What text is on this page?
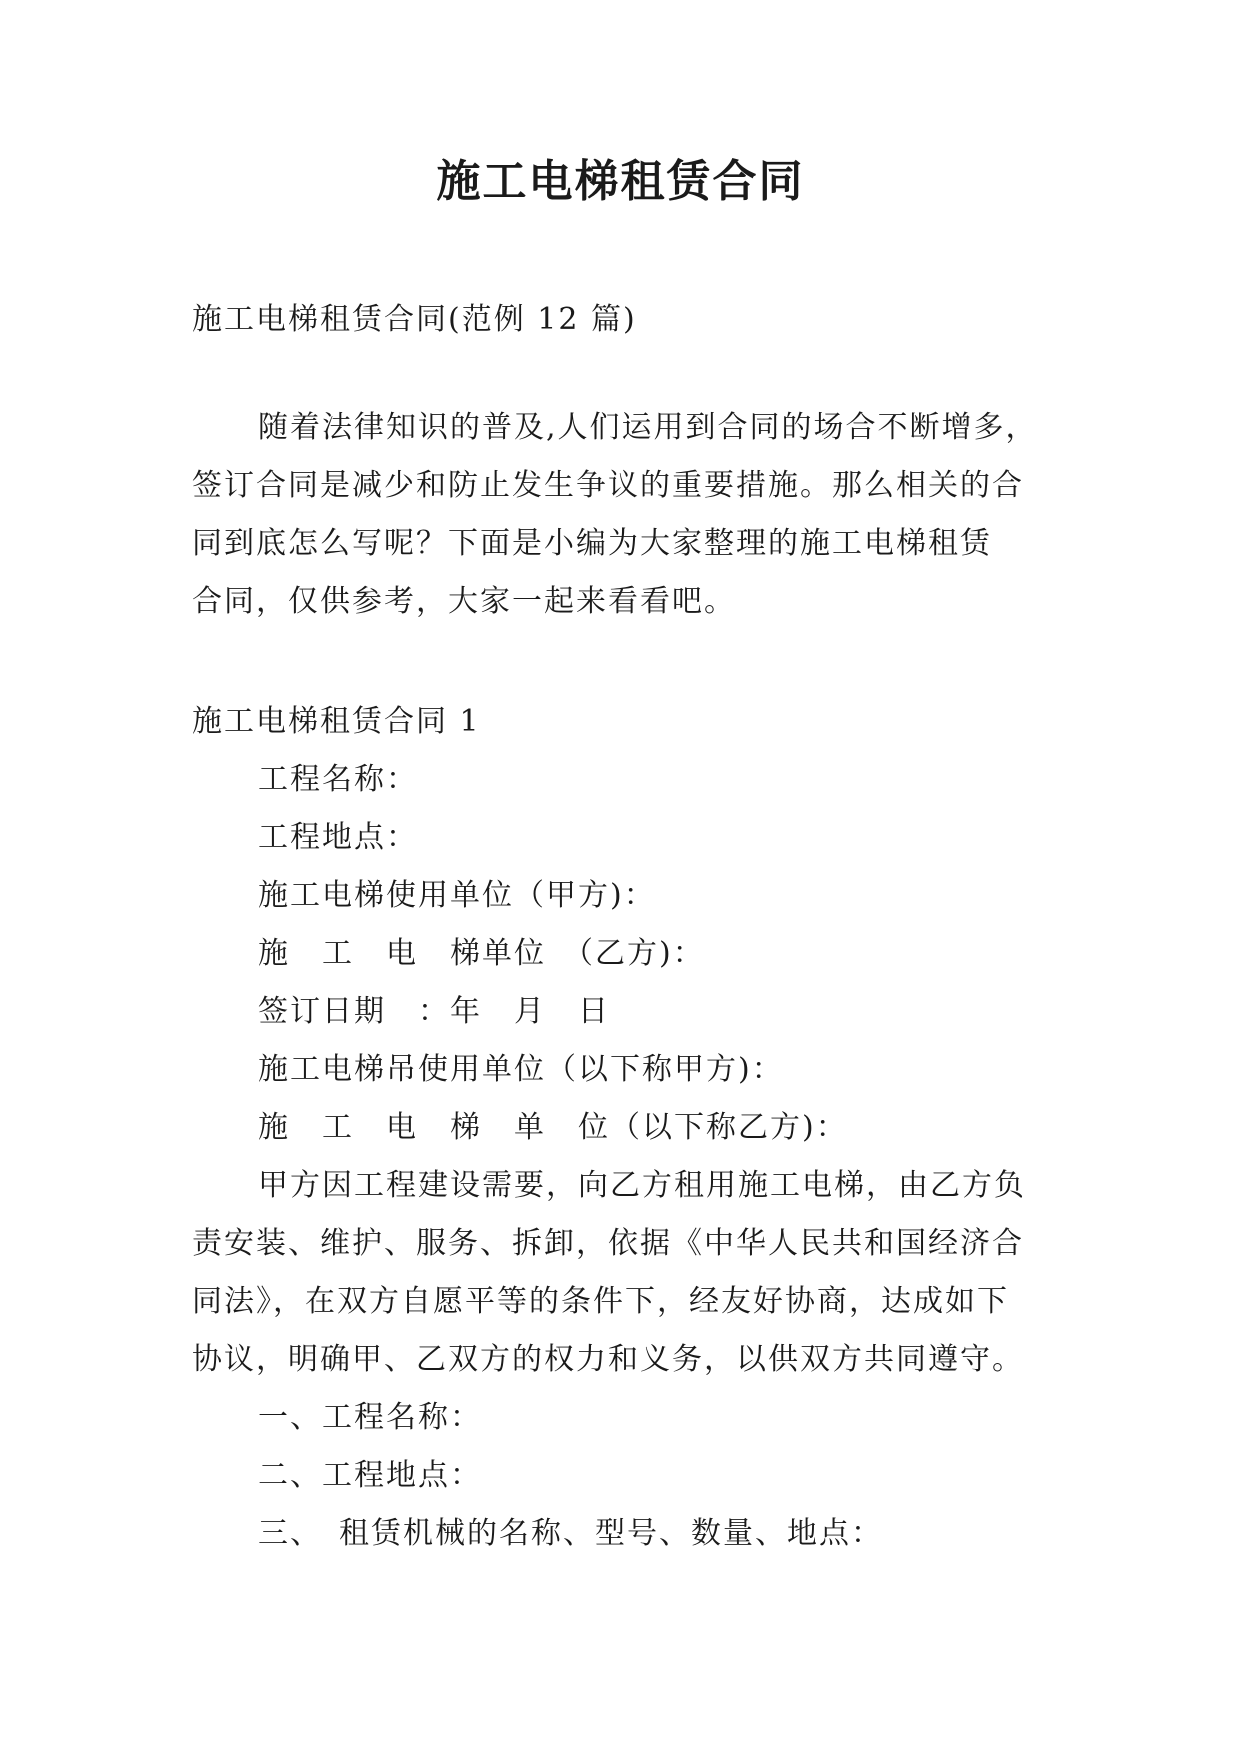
施工电梯租赁合同

施工电梯租赁合同(范例 12 篇)

随着法律知识的普及,人们运用到合同的场合不断增多，

签订合同是减少和防止发生争议的重要措施。那么相关的合

同到底怎么写呢？下面是小编为大家整理的施工电梯租赁

合同，仅供参考，大家一起来看看吧。

施工电梯租赁合同 1

工程名称：

工程地点：

施工电梯使用单位（甲方)：

施　工　电　梯单位　（乙方)：

签订日期　：年　月　日

施工电梯吊使用单位（以下称甲方)：

施　工　电　梯　单　位（以下称乙方)：

甲方因工程建设需要，向乙方租用施工电梯，由乙方负

责安装、维护、服务、拆卸，依据《中华人民共和国经济合

同法》，在双方自愿平等的条件下，经友好协商，达成如下

协议，明确甲、乙双方的权力和义务，以供双方共同遵守。

一、工程名称：

二、工程地点：

三、　租赁机械的名称、型号、数量、地点：
